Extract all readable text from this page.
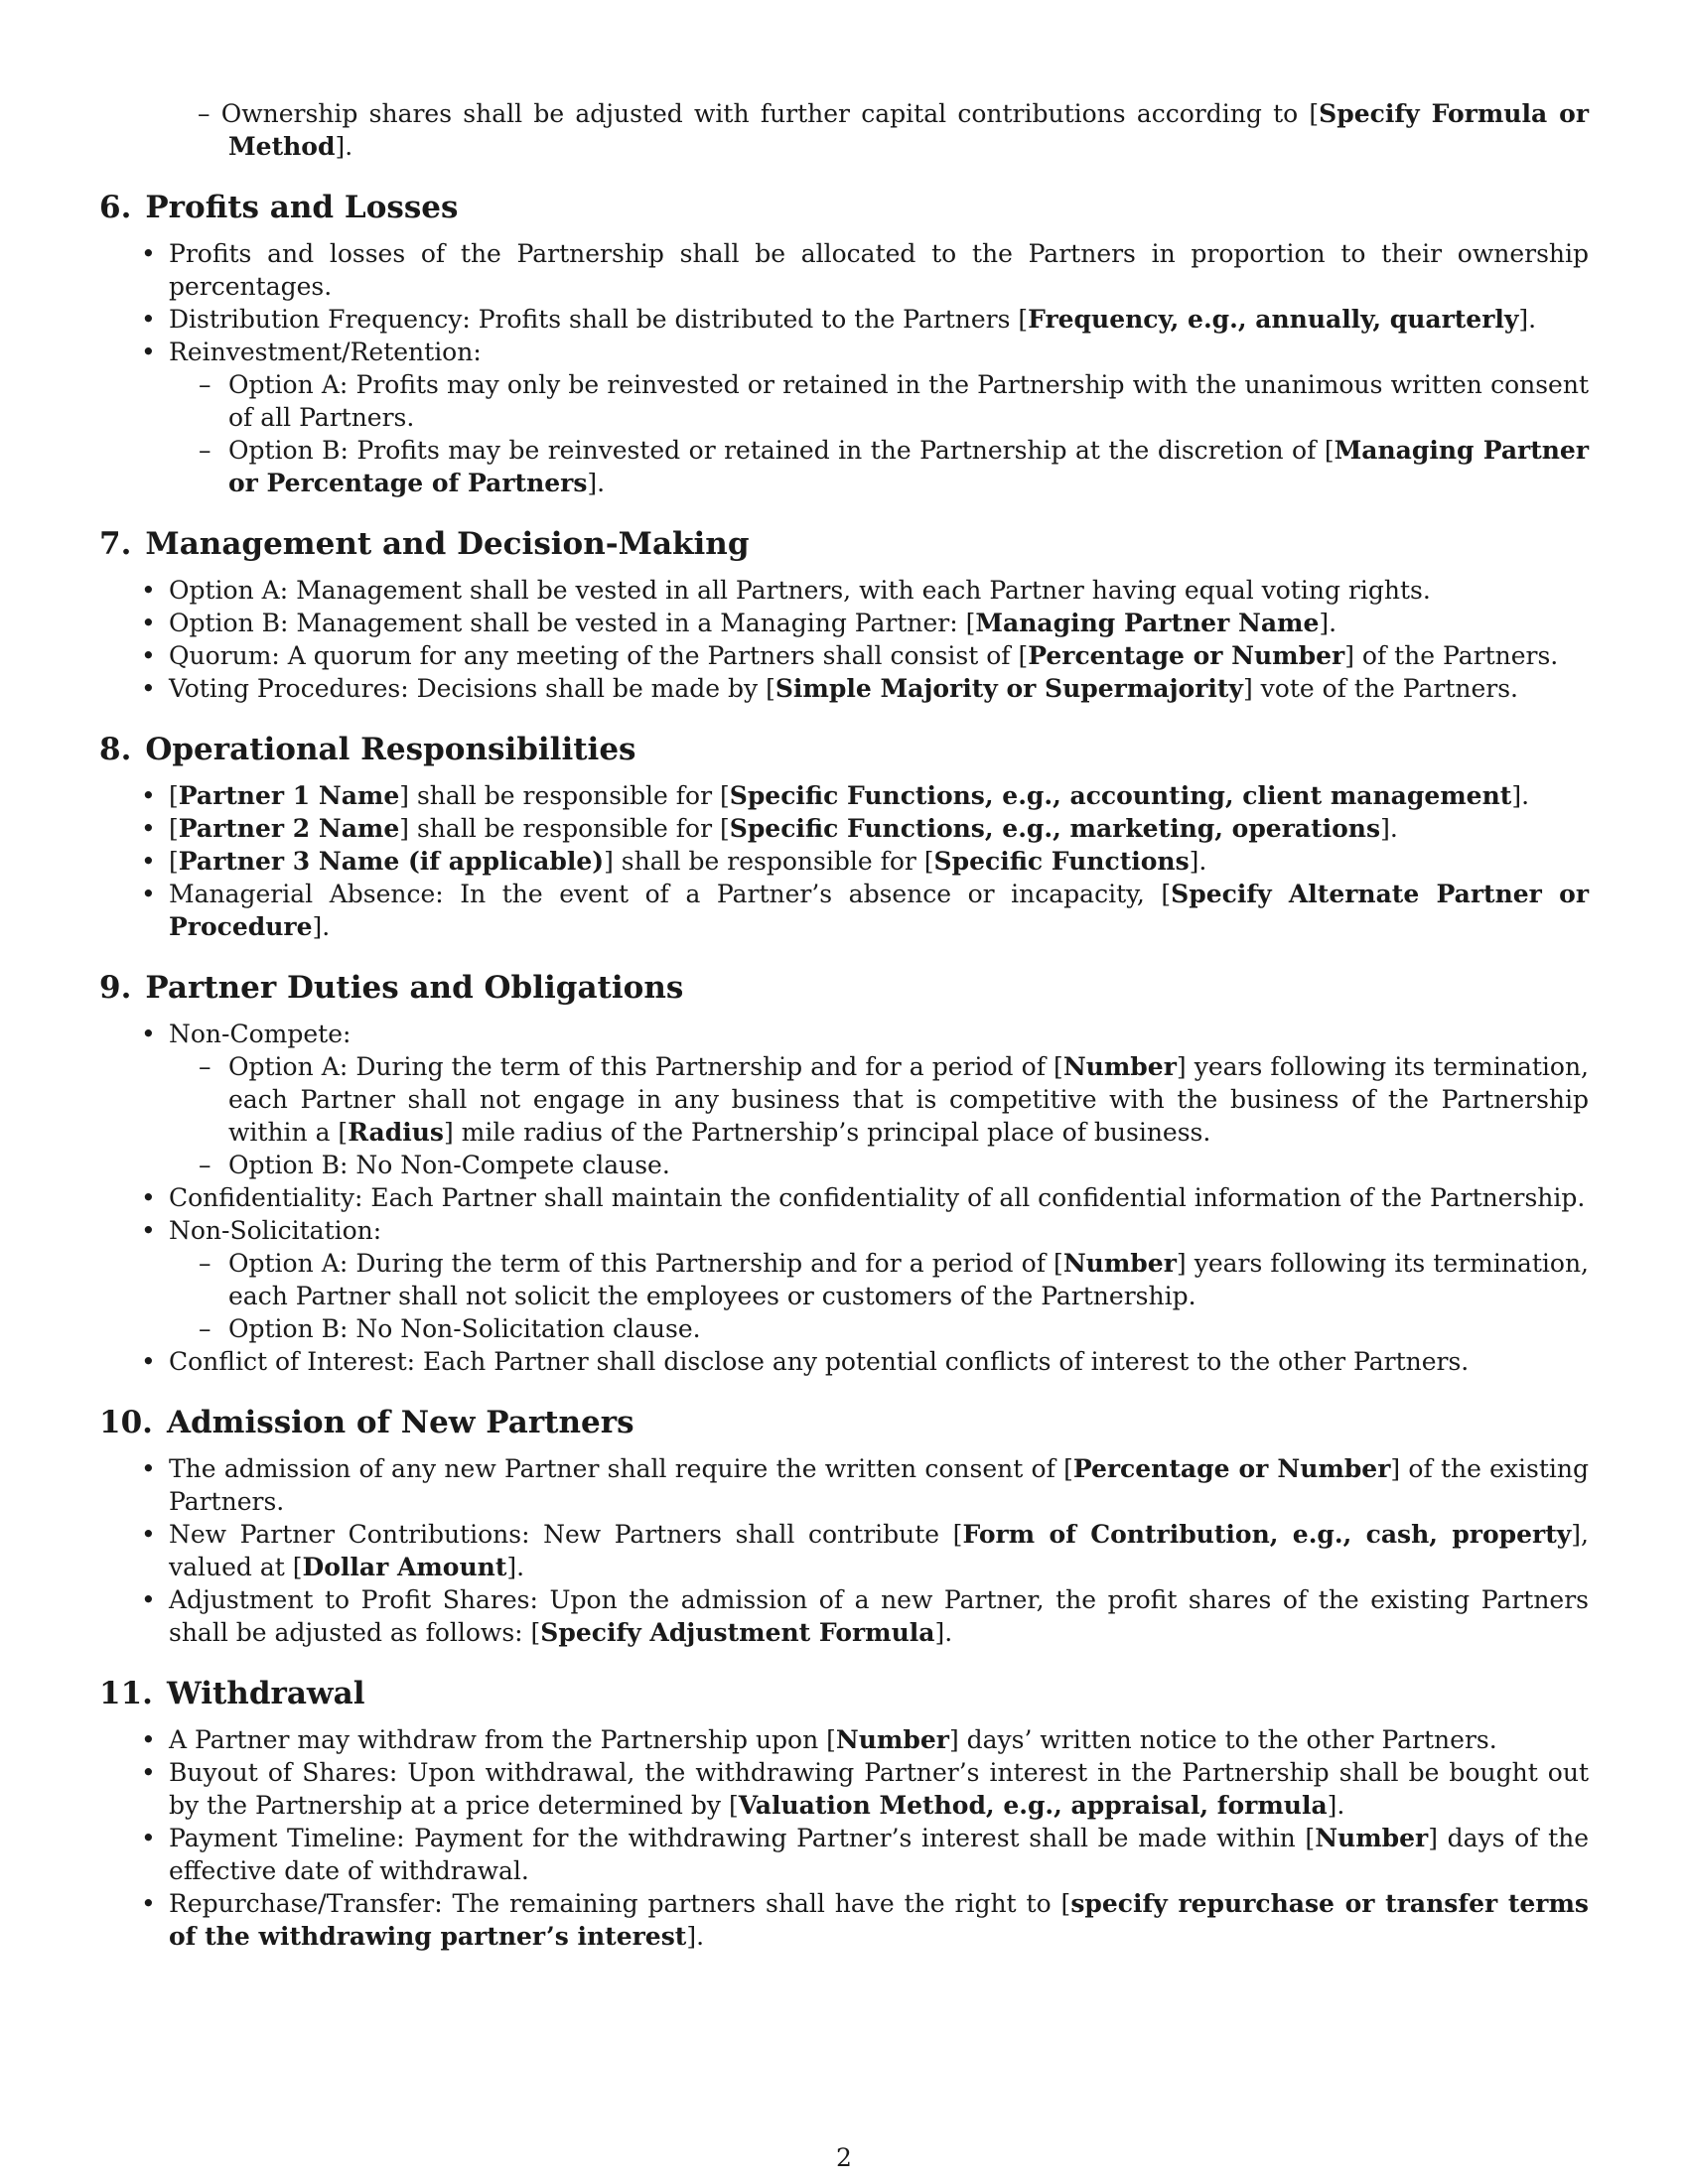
– Ownership shares shall be adjusted with further capital contributions according to [Specify Formula or Method].

6. Profits and Losses
• Profits and losses of the Partnership shall be allocated to the Partners in proportion to their ownership percentages.
• Distribution Frequency: Profits shall be distributed to the Partners [Frequency, e.g., annually, quarterly].
• Reinvestment/Retention:
– Option A: Profits may only be reinvested or retained in the Partnership with the unanimous written consent of all Partners.
– Option B: Profits may be reinvested or retained in the Partnership at the discretion of [Managing Partner or Percentage of Partners].
7. Management and Decision-Making
• Option A: Management shall be vested in all Partners, with each Partner having equal voting rights.
• Option B: Management shall be vested in a Managing Partner: [Managing Partner Name].
• Quorum: A quorum for any meeting of the Partners shall consist of [Percentage or Number] of the Partners.
• Voting Procedures: Decisions shall be made by [Simple Majority or Supermajority] vote of the Partners.
8. Operational Responsibilities
• [Partner 1 Name] shall be responsible for [Specific Functions, e.g., accounting, client management].
• [Partner 2 Name] shall be responsible for [Specific Functions, e.g., marketing, operations].
• [Partner 3 Name (if applicable)] shall be responsible for [Specific Functions].
• Managerial Absence: In the event of a Partner’s absence or incapacity, [Specify Alternate Partner or Procedure].
9. Partner Duties and Obligations
• Non-Compete:
– Option A: During the term of this Partnership and for a period of [Number] years following its termination, each Partner shall not engage in any business that is competitive with the business of the Partnership within a [Radius] mile radius of the Partnership’s principal place of business.
– Option B: No Non-Compete clause.
• Confidentiality: Each Partner shall maintain the confidentiality of all confidential information of the Partnership.
• Non-Solicitation:
– Option A: During the term of this Partnership and for a period of [Number] years following its termination, each Partner shall not solicit the employees or customers of the Partnership.
– Option B: No Non-Solicitation clause.
• Conflict of Interest: Each Partner shall disclose any potential conflicts of interest to the other Partners.
10. Admission of New Partners
• The admission of any new Partner shall require the written consent of [Percentage or Number] of the existing Partners.
• New Partner Contributions: New Partners shall contribute [Form of Contribution, e.g., cash, property], valued at [Dollar Amount].
• Adjustment to Profit Shares: Upon the admission of a new Partner, the profit shares of the existing Partners shall be adjusted as follows: [Specify Adjustment Formula].
11. Withdrawal
• A Partner may withdraw from the Partnership upon [Number] days’ written notice to the other Partners.
• Buyout of Shares: Upon withdrawal, the withdrawing Partner’s interest in the Partnership shall be bought out by the Partnership at a price determined by [Valuation Method, e.g., appraisal, formula].
• Payment Timeline: Payment for the withdrawing Partner’s interest shall be made within [Number] days of the effective date of withdrawal.
• Repurchase/Transfer: The remaining partners shall have the right to [specify repurchase or transfer terms of the withdrawing partner’s interest].
2
